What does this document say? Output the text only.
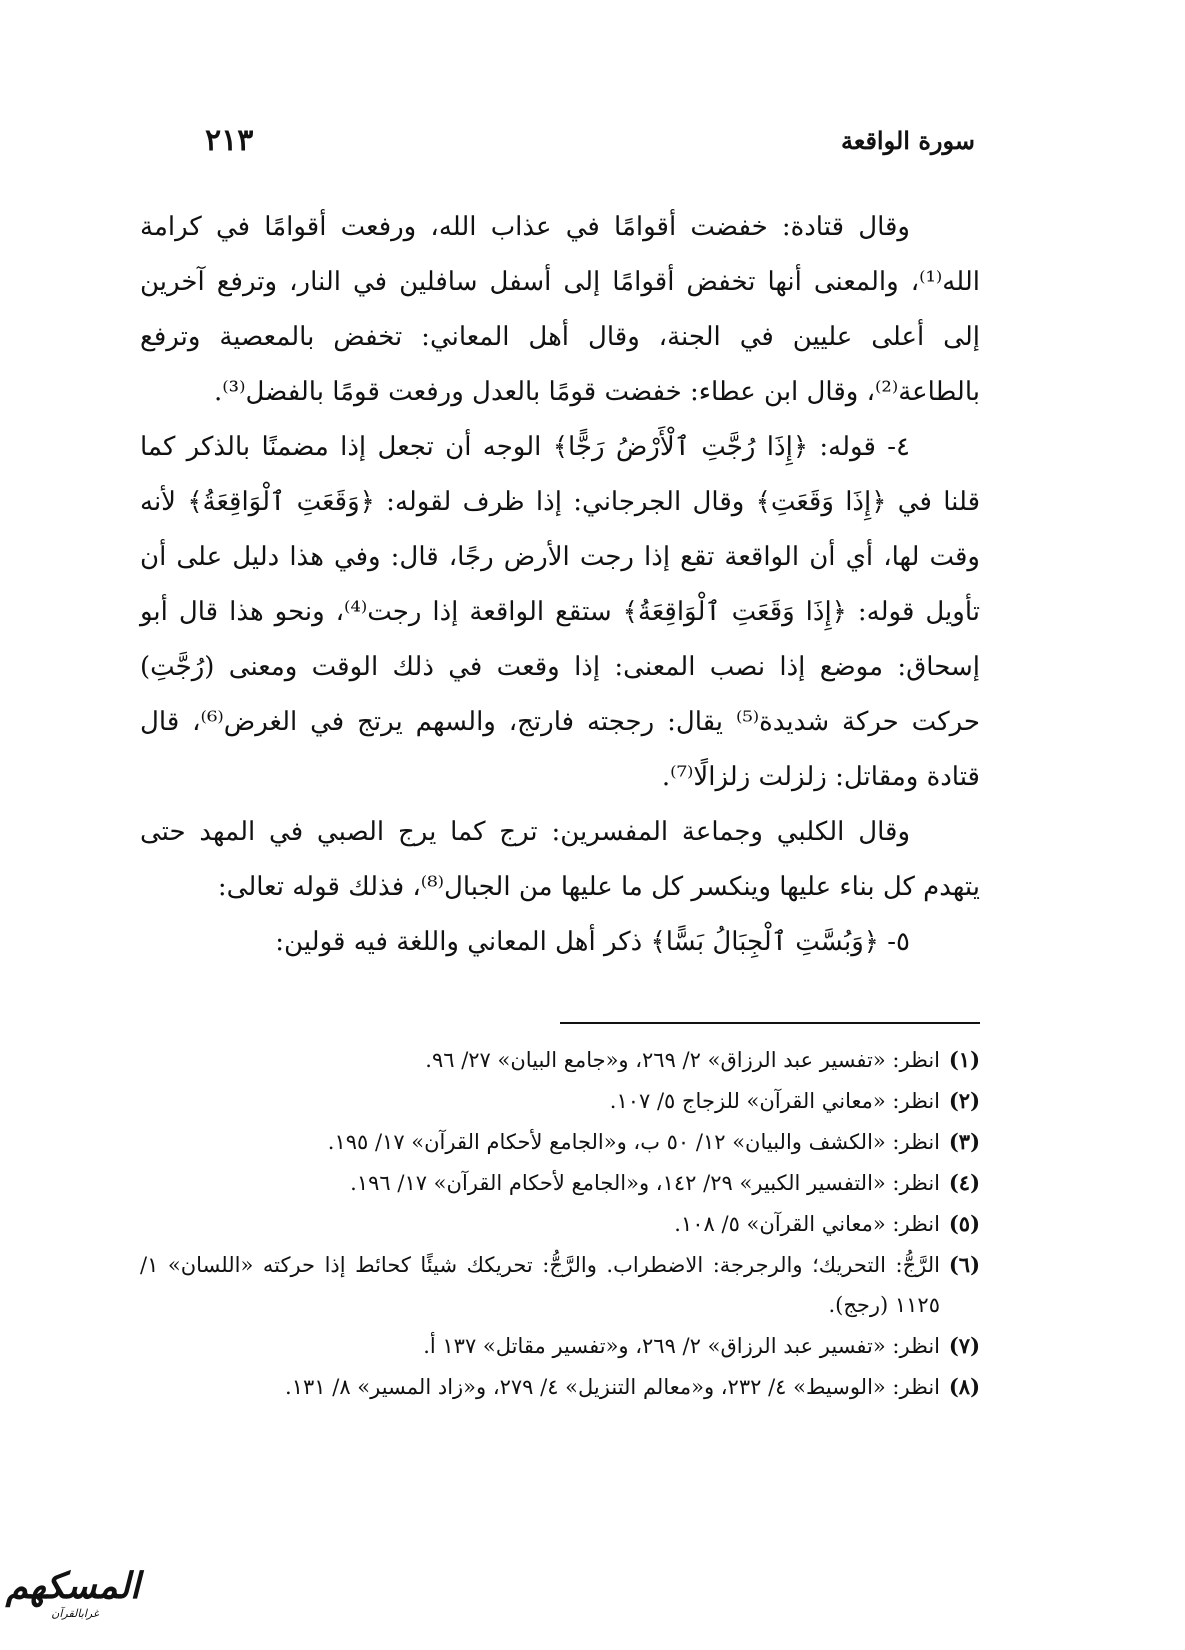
سورة الواقعة
٢١٣

وقال قتادة: خفضت أقوامًا في عذاب الله، ورفعت أقوامًا في كرامة الله⁽¹⁾، والمعنى أنها تخفض أقوامًا إلى أسفل سافلين في النار، وترفع آخرين إلى أعلى عليين في الجنة، وقال أهل المعاني: تخفض بالمعصية وترفع بالطاعة⁽²⁾، وقال ابن عطاء: خفضت قومًا بالعدل ورفعت قومًا بالفضل⁽³⁾.

٤- قوله: ﴿إِذَا رُجَّتِ ٱلْأَرْضُ رَجًّا﴾ الوجه أن تجعل إذا مضمنًا بالذكر كما قلنا في ﴿إِذَا وَقَعَتِ﴾ وقال الجرجاني: إذا ظرف لقوله: ﴿وَقَعَتِ ٱلْوَاقِعَةُ﴾ لأنه وقت لها، أي أن الواقعة تقع إذا رجت الأرض رجًا، قال: وفي هذا دليل على أن تأويل قوله: ﴿إِذَا وَقَعَتِ ٱلْوَاقِعَةُ﴾ ستقع الواقعة إذا رجت⁽⁴⁾، ونحو هذا قال أبو إسحاق: موضع إذا نصب المعنى: إذا وقعت في ذلك الوقت ومعنى (رُجَّتِ) حركت حركة شديدة⁽⁵⁾ يقال: رججته فارتج، والسهم يرتج في الغرض⁽⁶⁾، قال قتادة ومقاتل: زلزلت زلزالًا⁽⁷⁾.

وقال الكلبي وجماعة المفسرين: ترج كما يرج الصبي في المهد حتى يتهدم كل بناء عليها وينكسر كل ما عليها من الجبال⁽⁸⁾، فذلك قوله تعالى:

٥- ﴿وَبُسَّتِ ٱلْجِبَالُ بَسًّا﴾ ذكر أهل المعاني واللغة فيه قولين:

(١)
انظر: «تفسير عبد الرزاق» ٢/ ٢٦٩، و«جامع البيان» ٢٧/ ٩٦.
(٢)
انظر: «معاني القرآن» للزجاج ٥/ ١٠٧.
(٣)
انظر: «الكشف والبيان» ١٢/ ٥٠ ب، و«الجامع لأحكام القرآن» ١٧/ ١٩٥.
(٤)
انظر: «التفسير الكبير» ٢٩/ ١٤٢، و«الجامع لأحكام القرآن» ١٧/ ١٩٦.
(٥)
انظر: «معاني القرآن» ٥/ ١٠٨.
(٦)
الرَّجُّ: التحريك؛ والرجرجة: الاضطراب. والرَّجُّ: تحريكك شيئًا كحائط إذا حركته «اللسان» ١/ ١١٢٥ (رجج).
(٧)
انظر: «تفسير عبد الرزاق» ٢/ ٢٦٩، و«تفسير مقاتل» ١٣٧ أ.
(٨)
انظر: «الوسيط» ٤/ ٢٣٢، و«معالم التنزيل» ٤/ ٢٧٩، و«زاد المسير» ٨/ ١٣١.
المسكهم
غرابالقرآن
